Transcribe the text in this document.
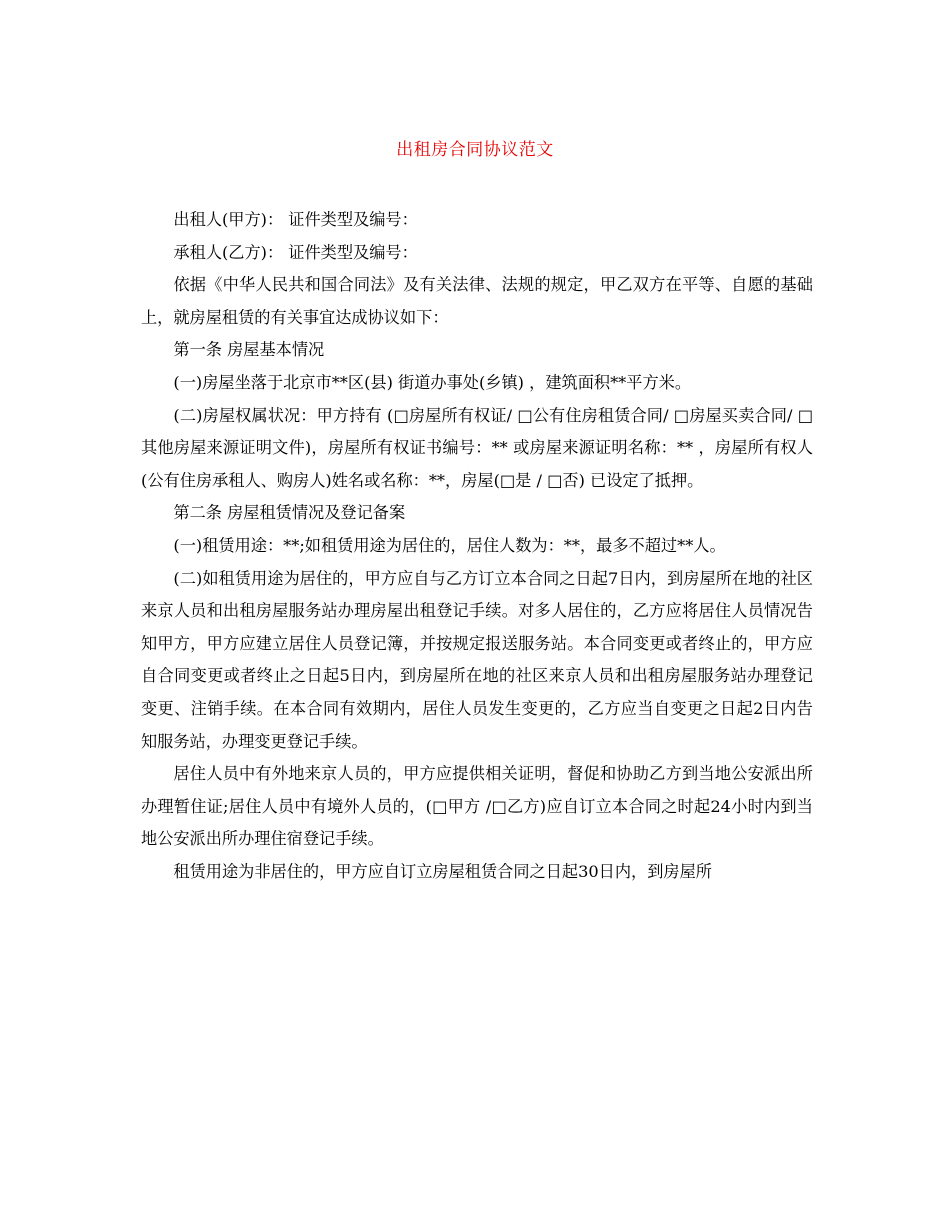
出租房合同协议范文

出租人(甲方)： 证件类型及编号：

承租人(乙方)： 证件类型及编号：

依据《中华人民共和国合同法》及有关法律、法规的规定，甲乙双方在平等、自愿的基础上，就房屋租赁的有关事宜达成协议如下：

第一条 房屋基本情况

(一)房屋坐落于北京市**区(县) 街道办事处(乡镇) ，建筑面积**平方米。

(二)房屋权属状况：甲方持有 (□房屋所有权证/ □公有住房租赁合同/ □房屋买卖合同/ □其他房屋来源证明文件)，房屋所有权证书编号：** 或房屋来源证明名称：** ，房屋所有权人(公有住房承租人、购房人)姓名或名称：**，房屋(□是 / □否) 已设定了抵押。

第二条 房屋租赁情况及登记备案

(一)租赁用途：**;如租赁用途为居住的，居住人数为：**，最多不超过**人。

(二)如租赁用途为居住的，甲方应自与乙方订立本合同之日起7日内，到房屋所在地的社区来京人员和出租房屋服务站办理房屋出租登记手续。对多人居住的，乙方应将居住人员情况告知甲方，甲方应建立居住人员登记簿，并按规定报送服务站。本合同变更或者终止的，甲方应自合同变更或者终止之日起5日内，到房屋所在地的社区来京人员和出租房屋服务站办理登记变更、注销手续。在本合同有效期内，居住人员发生变更的，乙方应当自变更之日起2日内告知服务站，办理变更登记手续。

居住人员中有外地来京人员的，甲方应提供相关证明，督促和协助乙方到当地公安派出所办理暂住证;居住人员中有境外人员的，(□甲方 /□乙方)应自订立本合同之时起24小时内到当地公安派出所办理住宿登记手续。

租赁用途为非居住的，甲方应自订立房屋租赁合同之日起30日内，到房屋所
